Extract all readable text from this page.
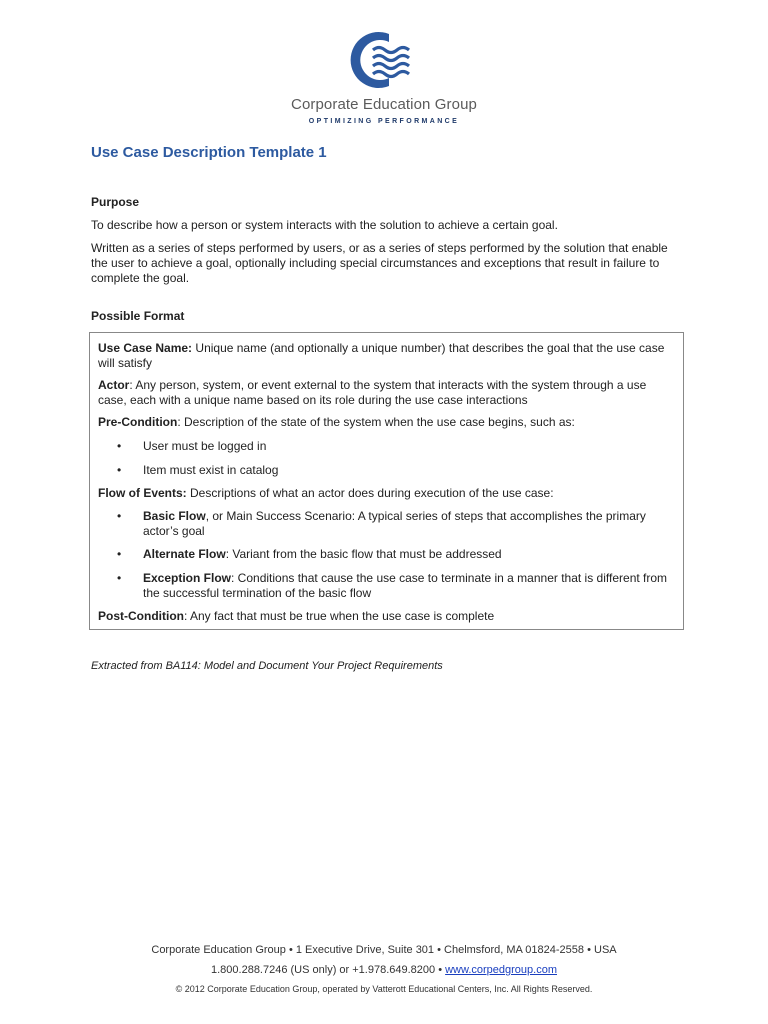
Corporate Education Group
OPTIMIZING PERFORMANCE
Use Case Description Template 1
Purpose

To describe how a person or system interacts with the solution to achieve a certain goal.

Written as a series of steps performed by users, or as a series of steps performed by the solution that enable the user to achieve a goal, optionally including special circumstances and exceptions that result in failure to complete the goal.

Possible Format
Use Case Name: Unique name (and optionally a unique number) that describes the goal that the use case will satisfy
Actor: Any person, system, or event external to the system that interacts with the system through a use case, each with a unique name based on its role during the use case interactions
Pre-Condition: Description of the state of the system when the use case begins, such as:
• User must be logged in
• Item must exist in catalog
Flow of Events: Descriptions of what an actor does during execution of the use case:
• Basic Flow, or Main Success Scenario: A typical series of steps that accomplishes the primary actor’s goal
• Alternate Flow: Variant from the basic flow that must be addressed
• Exception Flow: Conditions that cause the use case to terminate in a manner that is different from the successful termination of the basic flow
Post-Condition: Any fact that must be true when the use case is complete
Extracted from BA114: Model and Document Your Project Requirements
Corporate Education Group • 1 Executive Drive, Suite 301 • Chelmsford, MA 01824-2558 • USA
1.800.288.7246 (US only) or +1.978.649.8200 • www.corpedgroup.com
© 2012 Corporate Education Group, operated by Vatterott Educational Centers, Inc. All Rights Reserved.
